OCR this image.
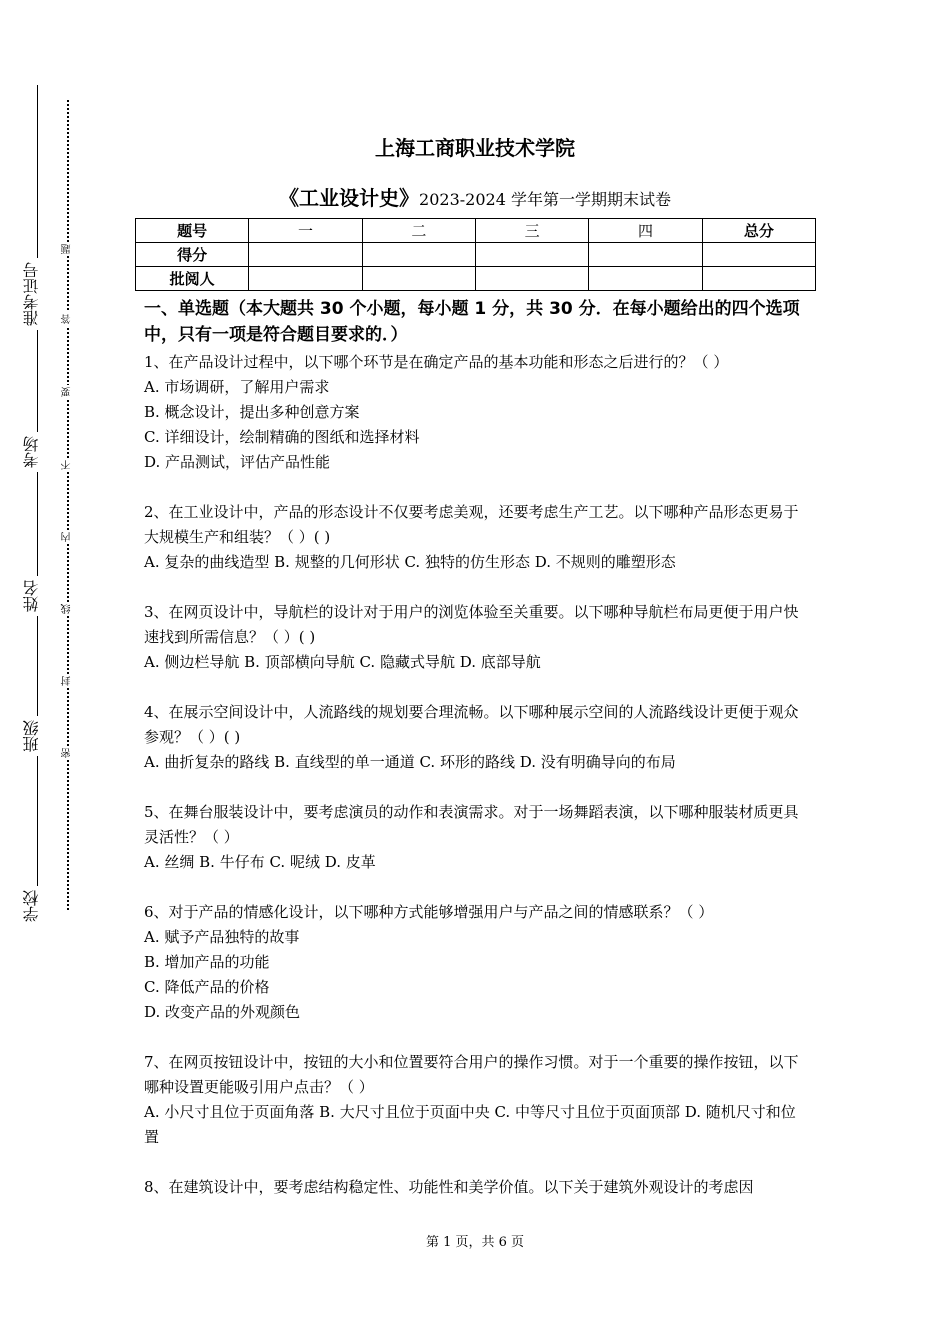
准考证号
考场
姓名
班级
学校
题
答
要
不
内
线
封
密
上海工商职业技术学院
《工业设计史》2023-2024 学年第一学期期末试卷
题号	一	二	三	四	总分
得分					
批阅人					
一、单选题（本大题共 30 个小题，每小题 1 分，共 30 分．在每小题给出的四个选项中，只有一项是符合题目要求的．）

1、在产品设计过程中，以下哪个环节是在确定产品的基本功能和形态之后进行的？（ ）

A. 市场调研，了解用户需求

B. 概念设计，提出多种创意方案

C. 详细设计，绘制精确的图纸和选择材料

D. 产品测试，评估产品性能

2、在工业设计中，产品的形态设计不仅要考虑美观，还要考虑生产工艺。以下哪种产品形态更易于大规模生产和组装？（ ）( )

A. 复杂的曲线造型 B. 规整的几何形状 C. 独特的仿生形态 D. 不规则的雕塑形态

3、在网页设计中，导航栏的设计对于用户的浏览体验至关重要。以下哪种导航栏布局更便于用户快速找到所需信息？（ ）( )

A. 侧边栏导航 B. 顶部横向导航 C. 隐藏式导航 D. 底部导航

4、在展示空间设计中，人流路线的规划要合理流畅。以下哪种展示空间的人流路线设计更便于观众参观？（ ）( )

A. 曲折复杂的路线 B. 直线型的单一通道 C. 环形的路线 D. 没有明确导向的布局

5、在舞台服装设计中，要考虑演员的动作和表演需求。对于一场舞蹈表演，以下哪种服装材质更具灵活性？（ ）

A. 丝绸 B. 牛仔布 C. 呢绒 D. 皮革

6、对于产品的情感化设计，以下哪种方式能够增强用户与产品之间的情感联系？（ ）

A. 赋予产品独特的故事

B. 增加产品的功能

C. 降低产品的价格

D. 改变产品的外观颜色

7、在网页按钮设计中，按钮的大小和位置要符合用户的操作习惯。对于一个重要的操作按钮，以下哪种设置更能吸引用户点击？（ ）

A. 小尺寸且位于页面角落 B. 大尺寸且位于页面中央 C. 中等尺寸且位于页面顶部 D. 随机尺寸和位置

8、在建筑设计中，要考虑结构稳定性、功能性和美学价值。以下关于建筑外观设计的考虑因

第 1 页，共 6 页
